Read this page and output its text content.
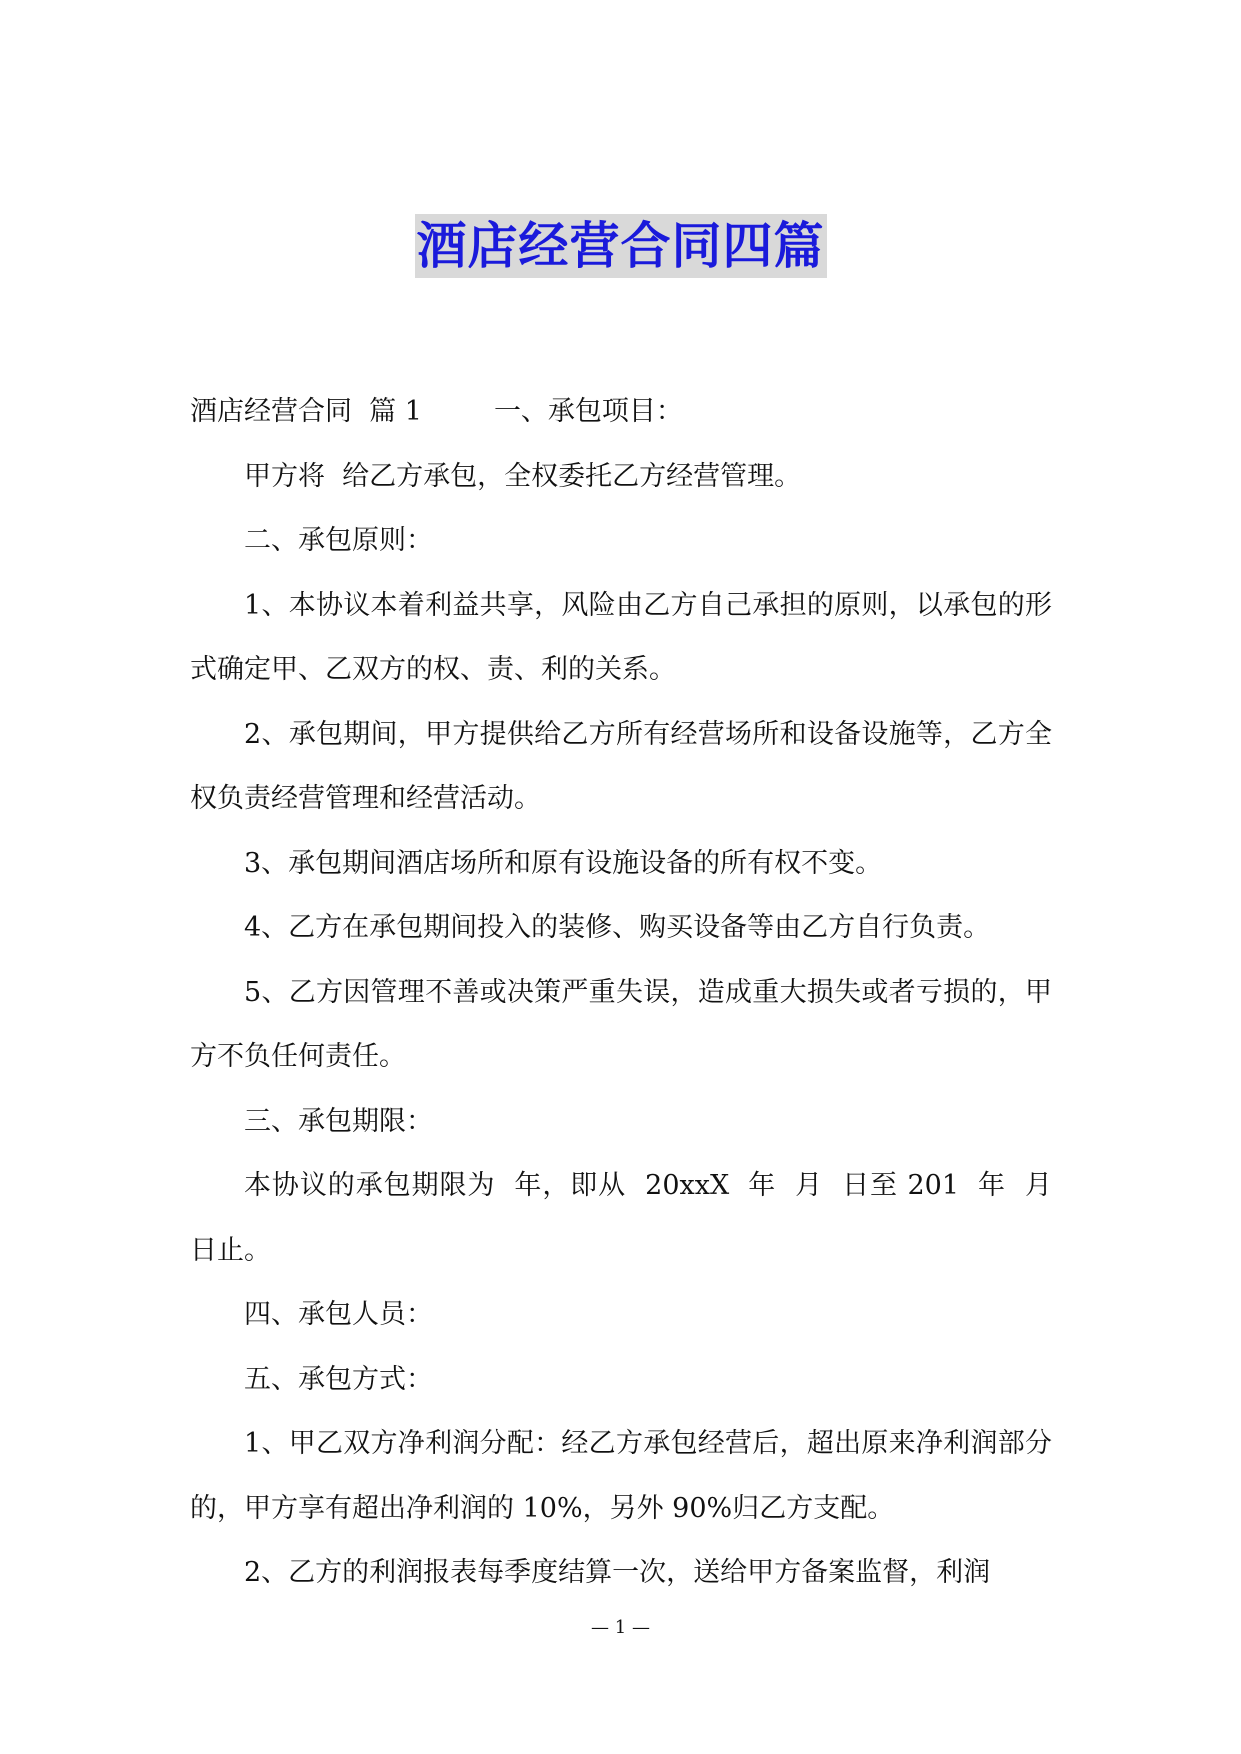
酒店经营合同四篇

酒店经营合同  篇 1	一、承包项目：

甲方将  给乙方承包，全权委托乙方经营管理。

二、承包原则：

1、本协议本着利益共享，风险由乙方自己承担的原则，以承包的形式确定甲、乙双方的权、责、利的关系。

2、承包期间，甲方提供给乙方所有经营场所和设备设施等，乙方全权负责经营管理和经营活动。

3、承包期间酒店场所和原有设施设备的所有权不变。

4、乙方在承包期间投入的装修、购买设备等由乙方自行负责。

5、乙方因管理不善或决策严重失误，造成重大损失或者亏损的，甲方不负任何责任。

三、承包期限：

本协议的承包期限为  年，即从  20xxX  年  月  日至 201  年  月  日止。

四、承包人员：

五、承包方式：

1、甲乙双方净利润分配：经乙方承包经营后，超出原来净利润部分的，甲方享有超出净利润的 10%，另外 90%归乙方支配。

2、乙方的利润报表每季度结算一次，送给甲方备案监督，利润

— 1 —
